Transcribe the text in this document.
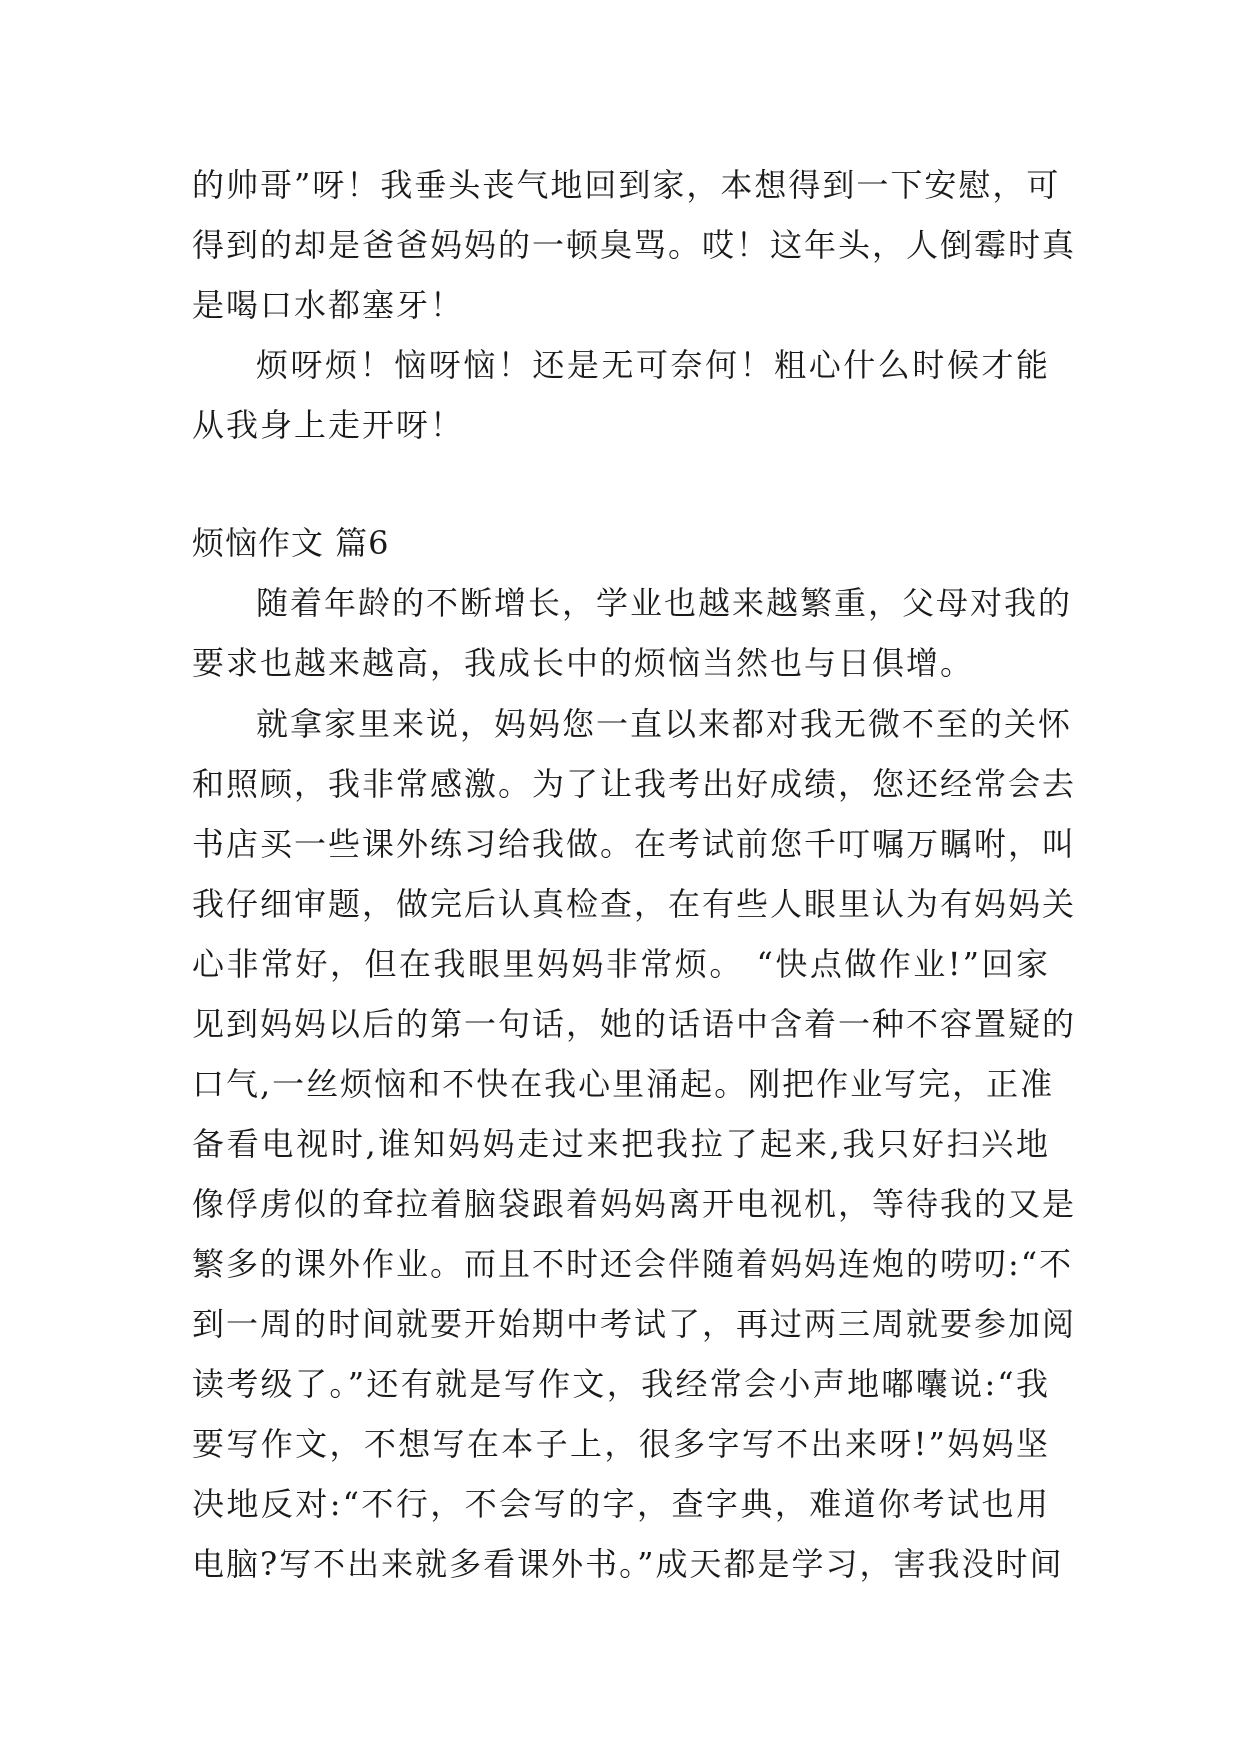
的帅哥”呀！我垂头丧气地回到家，本想得到一下安慰，可
得到的却是爸爸妈妈的一顿臭骂。哎！这年头，人倒霉时真
是喝口水都塞牙！
烦呀烦！恼呀恼！还是无可奈何！粗心什么时候才能
从我身上走开呀！
烦恼作文 篇6
随着年龄的不断增长，学业也越来越繁重，父母对我的
要求也越来越高，我成长中的烦恼当然也与日俱增。
就拿家里来说，妈妈您一直以来都对我无微不至的关怀
和照顾，我非常感激。为了让我考出好成绩，您还经常会去
书店买一些课外练习给我做。在考试前您千叮嘱万瞩咐，叫
我仔细审题，做完后认真检查，在有些人眼里认为有妈妈关
心非常好，但在我眼里妈妈非常烦。 “快点做作业!”回家
见到妈妈以后的第一句话，她的话语中含着一种不容置疑的
口气,一丝烦恼和不快在我心里涌起。刚把作业写完，正准
备看电视时,谁知妈妈走过来把我拉了起来,我只好扫兴地
像俘虏似的耷拉着脑袋跟着妈妈离开电视机，等待我的又是
繁多的课外作业。而且不时还会伴随着妈妈连炮的唠叨:“不
到一周的时间就要开始期中考试了，再过两三周就要参加阅
读考级了。”还有就是写作文，我经常会小声地嘟囔说:“我
要写作文，不想写在本子上，很多字写不出来呀!”妈妈坚
决地反对:“不行，不会写的字，查字典，难道你考试也用
电脑?写不出来就多看课外书。”成天都是学习，害我没时间
